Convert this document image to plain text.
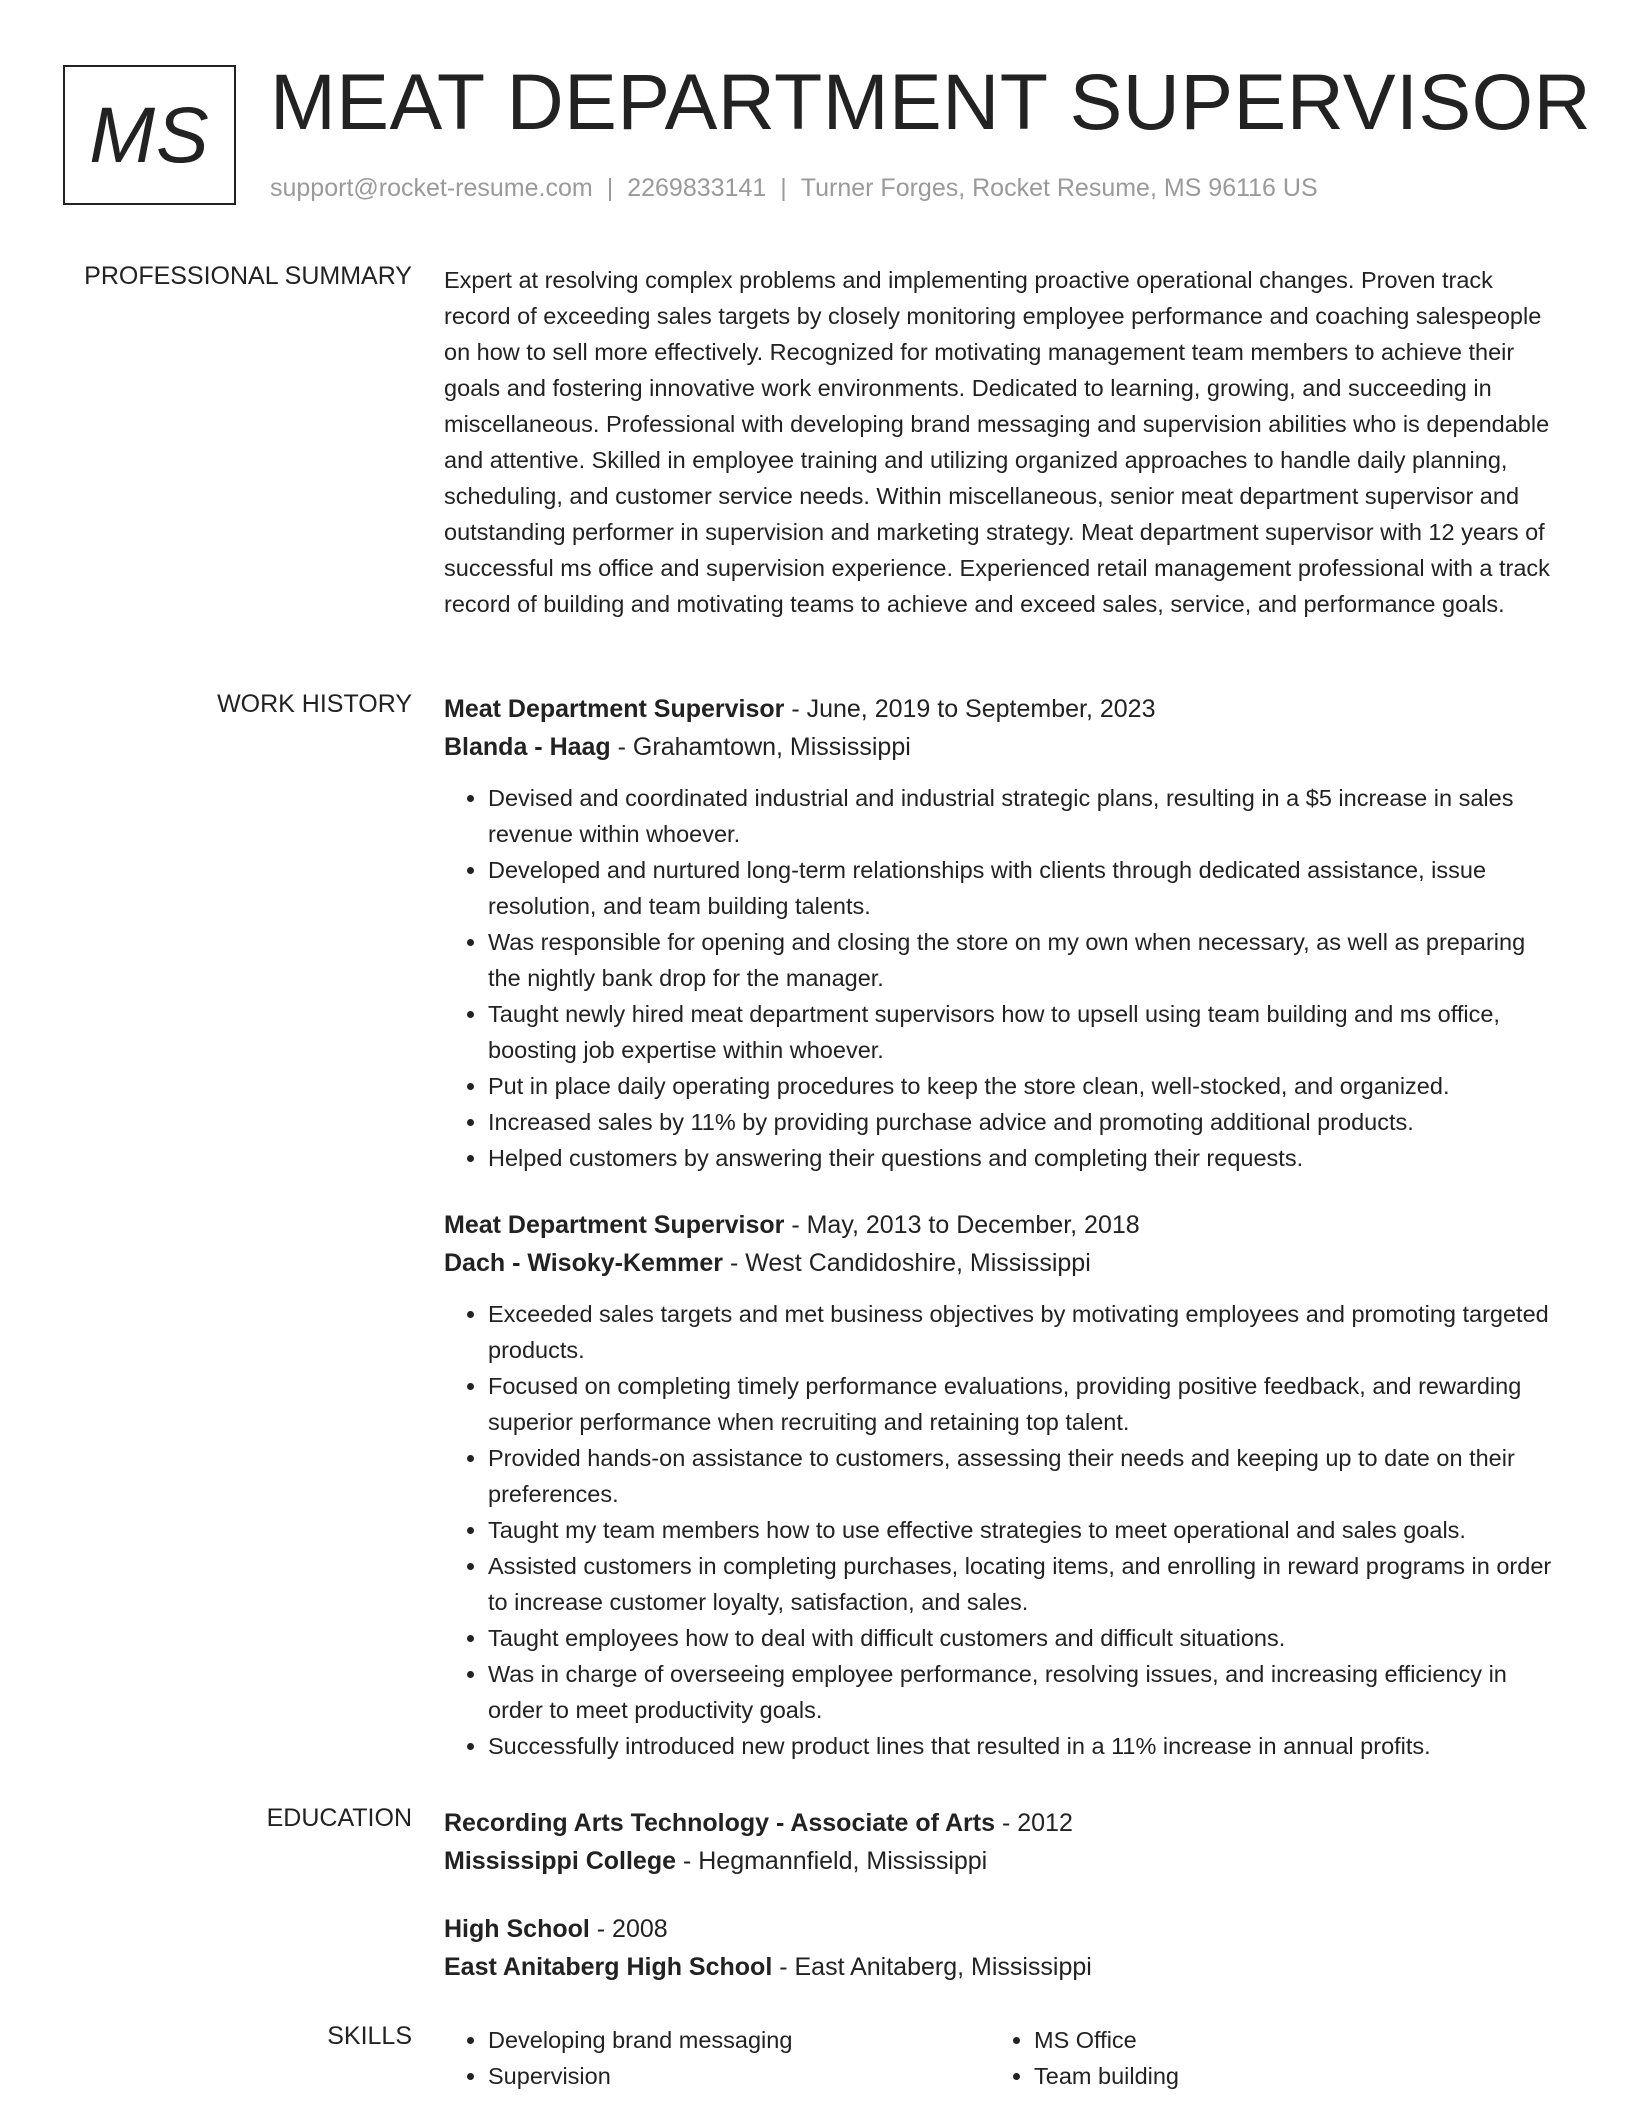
MS MEAT DEPARTMENT SUPERVISOR
support@rocket-resume.com | 2269833141 | Turner Forges, Rocket Resume, MS 96116 US
PROFESSIONAL SUMMARY Expert at resolving complex problems and implementing proactive operational changes. Proven track record of exceeding sales targets by closely monitoring employee performance and coaching salespeople on how to sell more effectively. Recognized for motivating management team members to achieve their goals and fostering innovative work environments. Dedicated to learning, growing, and succeeding in miscellaneous. Professional with developing brand messaging and supervision abilities who is dependable and attentive. Skilled in employee training and utilizing organized approaches to handle daily planning, scheduling, and customer service needs. Within miscellaneous, senior meat department supervisor and outstanding performer in supervision and marketing strategy. Meat department supervisor with 12 years of successful ms office and supervision experience. Experienced retail management professional with a track record of building and motivating teams to achieve and exceed sales, service, and performance goals.

WORK HISTORY Meat Department Supervisor - June, 2019 to September, 2023
Blanda - Haag - Grahamtown, Mississippi
• Devised and coordinated industrial and industrial strategic plans, resulting in a $5 increase in sales revenue within whoever.
• Developed and nurtured long-term relationships with clients through dedicated assistance, issue resolution, and team building talents.
• Was responsible for opening and closing the store on my own when necessary, as well as preparing the nightly bank drop for the manager.
• Taught newly hired meat department supervisors how to upsell using team building and ms office, boosting job expertise within whoever.
• Put in place daily operating procedures to keep the store clean, well-stocked, and organized.
• Increased sales by 11% by providing purchase advice and promoting additional products.
• Helped customers by answering their questions and completing their requests.
Meat Department Supervisor - May, 2013 to December, 2018
Dach - Wisoky-Kemmer - West Candidoshire, Mississippi
• Exceeded sales targets and met business objectives by motivating employees and promoting targeted products.
• Focused on completing timely performance evaluations, providing positive feedback, and rewarding superior performance when recruiting and retaining top talent.
• Provided hands-on assistance to customers, assessing their needs and keeping up to date on their preferences.
• Taught my team members how to use effective strategies to meet operational and sales goals.
• Assisted customers in completing purchases, locating items, and enrolling in reward programs in order to increase customer loyalty, satisfaction, and sales.
• Taught employees how to deal with difficult customers and difficult situations.
• Was in charge of overseeing employee performance, resolving issues, and increasing efficiency in order to meet productivity goals.
• Successfully introduced new product lines that resulted in a 11% increase in annual profits.
EDUCATION Recording Arts Technology - Associate of Arts - 2012
Mississippi College - Hegmannfield, Mississippi
High School - 2008
East Anitaberg High School - East Anitaberg, Mississippi
SKILLS
•	Developing brand messaging
• Supervision
• MS Office
• Team building
